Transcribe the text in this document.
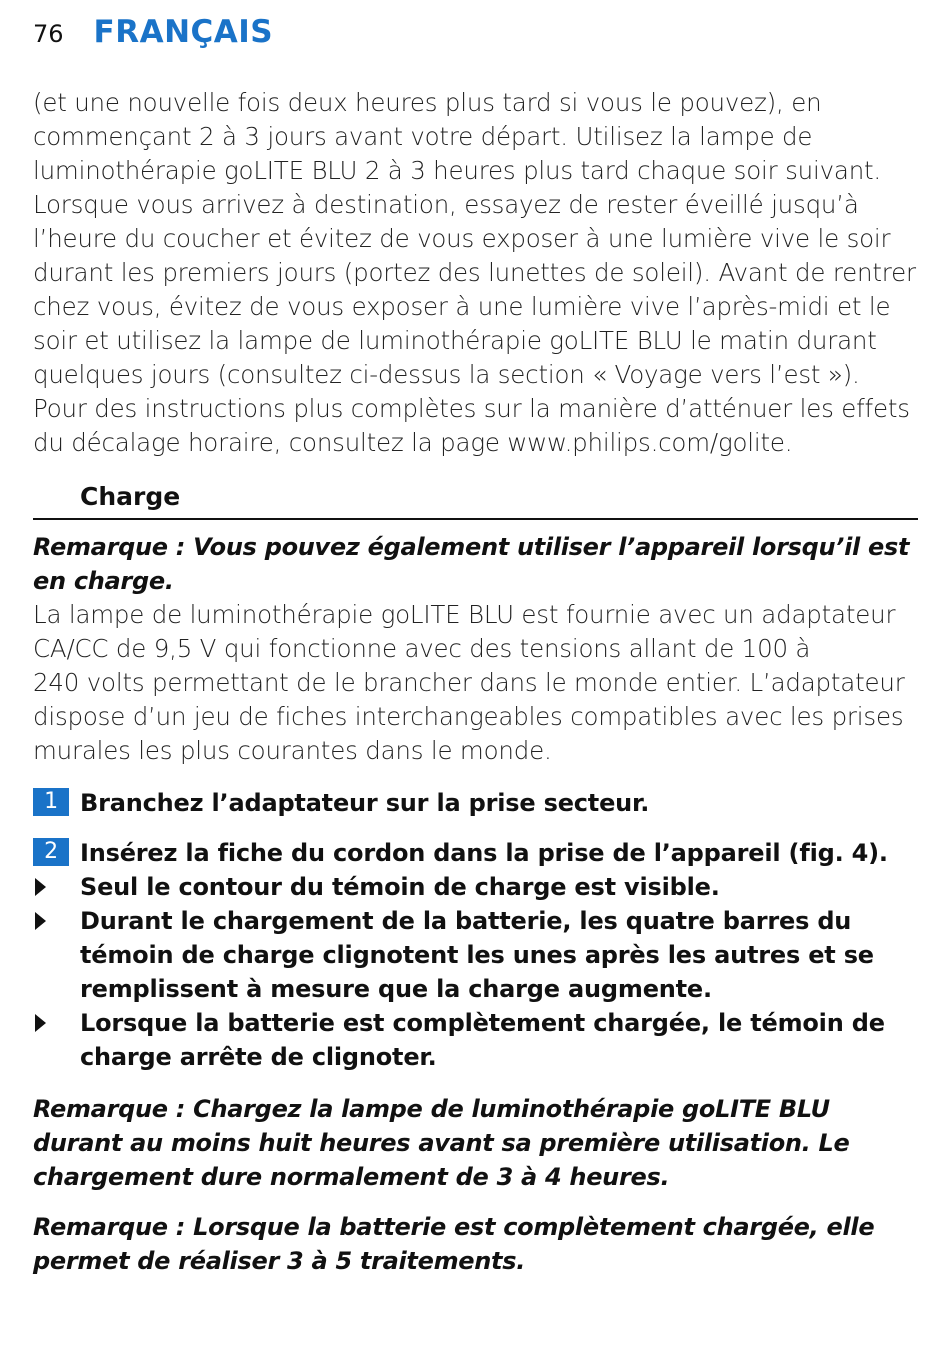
76 FRANÇAIS

(et une nouvelle fois deux heures plus tard si vous le pouvez), en

commençant 2 à 3 jours avant votre départ. Utilisez la lampe de

luminothérapie goLITE BLU 2 à 3 heures plus tard chaque soir suivant.

Lorsque vous arrivez à destination, essayez de rester éveillé jusqu’à

l’heure du coucher et évitez de vous exposer à une lumière vive le soir

durant les premiers jours (portez des lunettes de soleil). Avant de rentrer

chez vous, évitez de vous exposer à une lumière vive l’après-midi et le

soir et utilisez la lampe de luminothérapie goLITE BLU le matin durant

quelques jours (consultez ci-dessus la section « Voyage vers l’est »).

Pour des instructions plus complètes sur la manière d’atténuer les effets

du décalage horaire, consultez la page www.philips.com/golite.

Charge

Remarque : Vous pouvez également utiliser l’appareil lorsqu’il est en charge.

La lampe de luminothérapie goLITE BLU est fournie avec un adaptateur

CA/CC de 9,5 V qui fonctionne avec des tensions allant de 100 à

240 volts permettant de le brancher dans le monde entier. L’adaptateur

dispose d’un jeu de fiches interchangeables compatibles avec les prises

murales les plus courantes dans le monde.

1 Branchez l’adaptateur sur la prise secteur.
2 Insérez la fiche du cordon dans la prise de l’appareil (fig. 4).
Seul le contour du témoin de charge est visible.
Durant le chargement de la batterie, les quatre barres du témoin de charge clignotent les unes après les autres et se remplissent à mesure que la charge augmente.
Lorsque la batterie est complètement chargée, le témoin de charge arrête de clignoter.

Remarque : Chargez la lampe de luminothérapie goLITE BLU durant au moins huit heures avant sa première utilisation. Le chargement dure normalement de 3 à 4 heures.

Remarque : Lorsque la batterie est complètement chargée, elle permet de réaliser 3 à 5 traitements.
